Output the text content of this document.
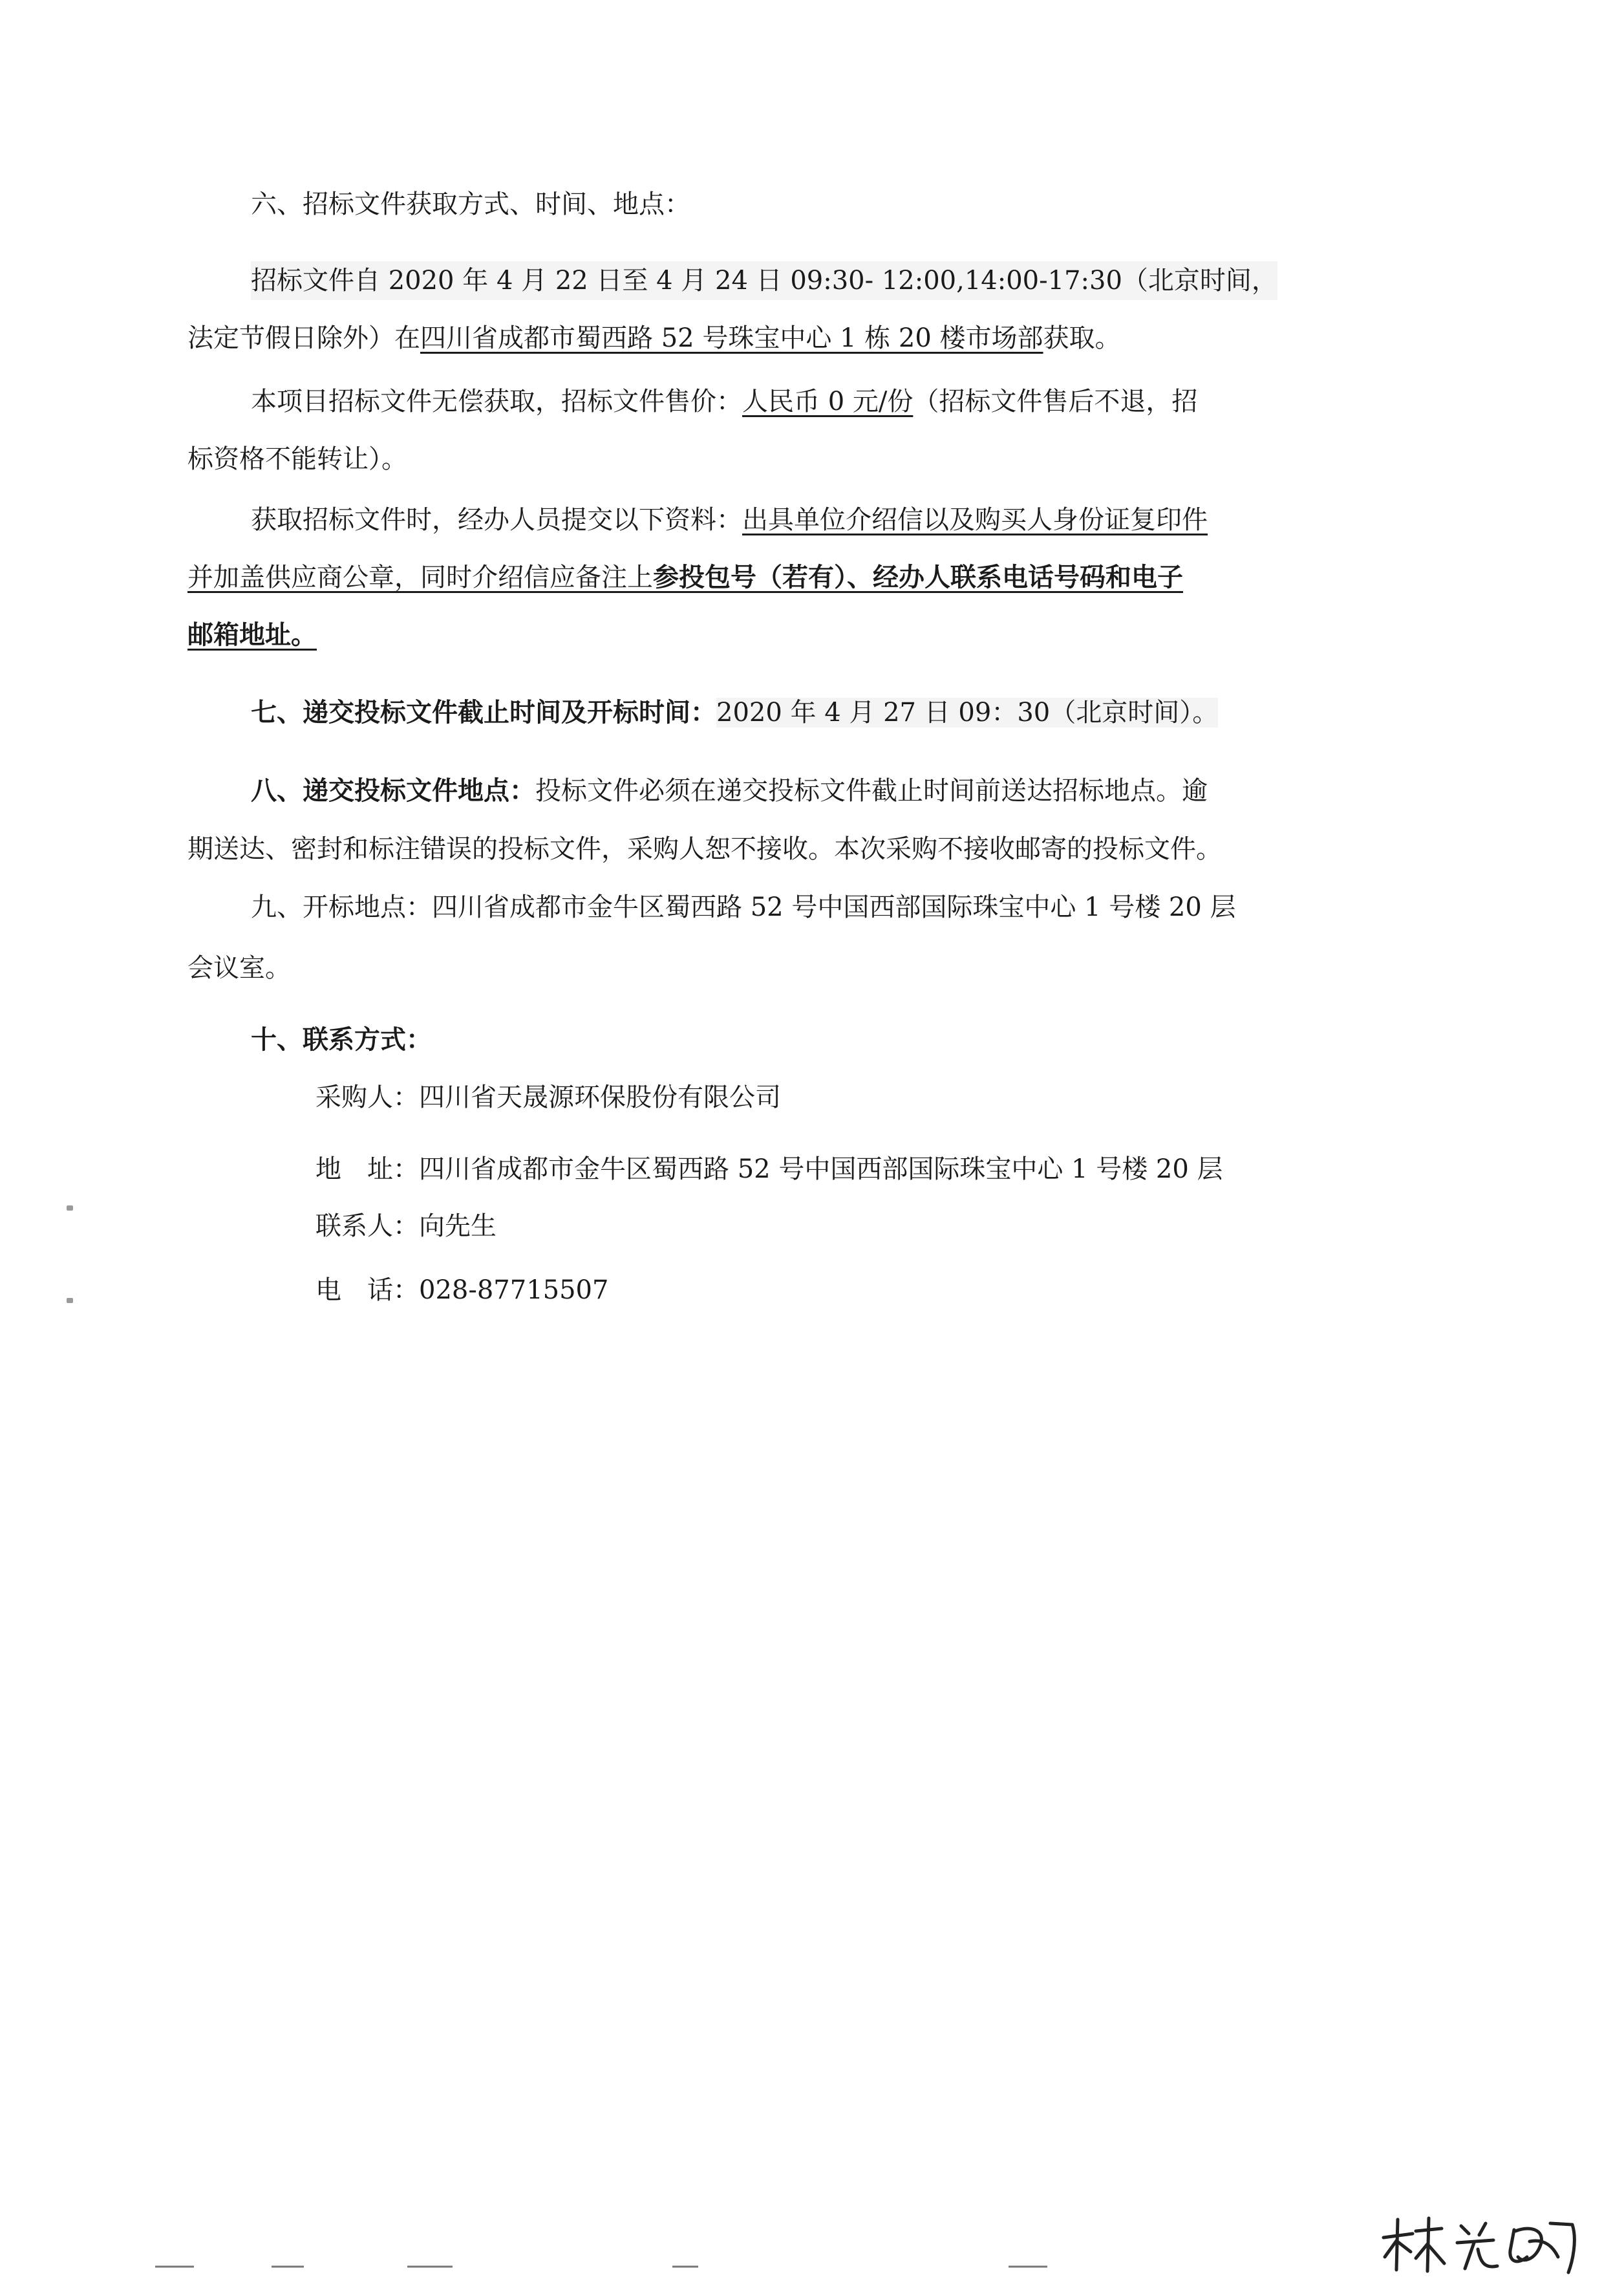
六、招标文件获取方式、时间、地点：
招标文件自 2020 年 4 月 22 日至 4 月 24 日 09:30- 12:00,14:00-17:30（北京时间，
法定节假日除外）在四川省成都市蜀西路 52 号珠宝中心 1 栋 20 楼市场部获取。
本项目招标文件无偿获取，招标文件售价：人民币 0 元/份（招标文件售后不退，招
标资格不能转让）。
获取招标文件时，经办人员提交以下资料：出具单位介绍信以及购买人身份证复印件
并加盖供应商公章，同时介绍信应备注上参投包号（若有）、经办人联系电话号码和电子
邮箱地址。
七、递交投标文件截止时间及开标时间：2020 年 4 月 27 日 09：30（北京时间）。
八、递交投标文件地点：投标文件必须在递交投标文件截止时间前送达招标地点。逾
期送达、密封和标注错误的投标文件，采购人恕不接收。本次采购不接收邮寄的投标文件。
九、开标地点：四川省成都市金牛区蜀西路 52 号中国西部国际珠宝中心 1 号楼 20 层
会议室。
十、联系方式：
采购人：四川省天晟源环保股份有限公司
地　址：四川省成都市金牛区蜀西路 52 号中国西部国际珠宝中心 1 号楼 20 层
联系人：向先生
电　话：028-87715507
